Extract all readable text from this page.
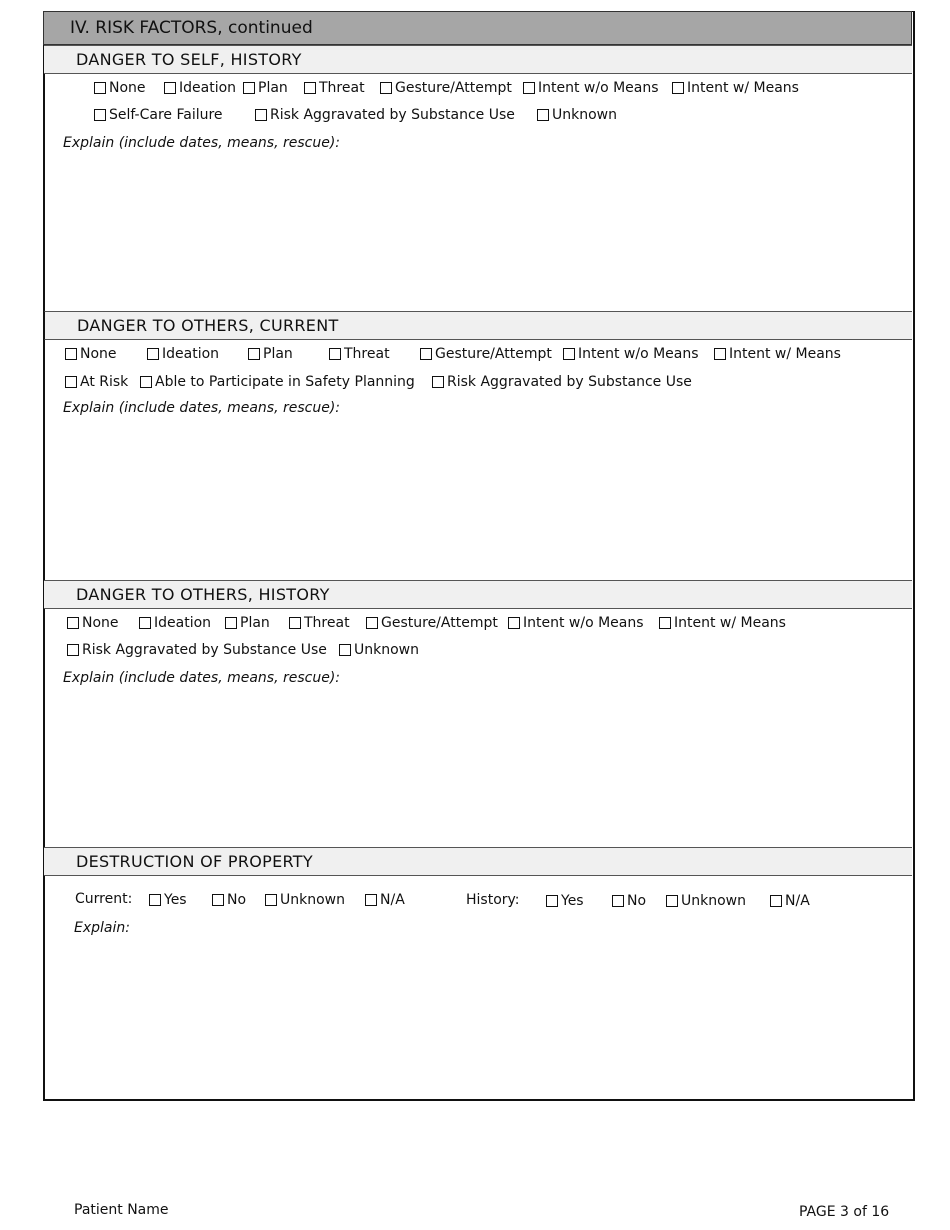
IV. RISK FACTORS, continued
DANGER TO SELF, HISTORY
None Ideation Plan Threat Gesture/Attempt Intent w/o Means Intent w/ Means
Self-Care Failure	Risk Aggravated by Substance Use	Unknown
Explain (include dates, means, rescue):
DANGER TO OTHERS, CURRENT
None	Ideation	Plan	Threat	Gesture/Attempt Intent w/o Means Intent w/ Means
At Risk Able to Participate in Safety Planning Risk Aggravated by Substance Use
Explain (include dates, means, rescue):
DANGER TO OTHERS, HISTORY
None	Ideation Plan Threat Gesture/Attempt Intent w/o Means Intent w/ Means
Risk Aggravated by Substance Use Unknown
Explain (include dates, means, rescue):
DESTRUCTION OF PROPERTY
Current:	History:
Yes	No Unknown	N/A	Yes	No Unknown	N/A
Explain:
Patient Name	PAGE 3 of 16
